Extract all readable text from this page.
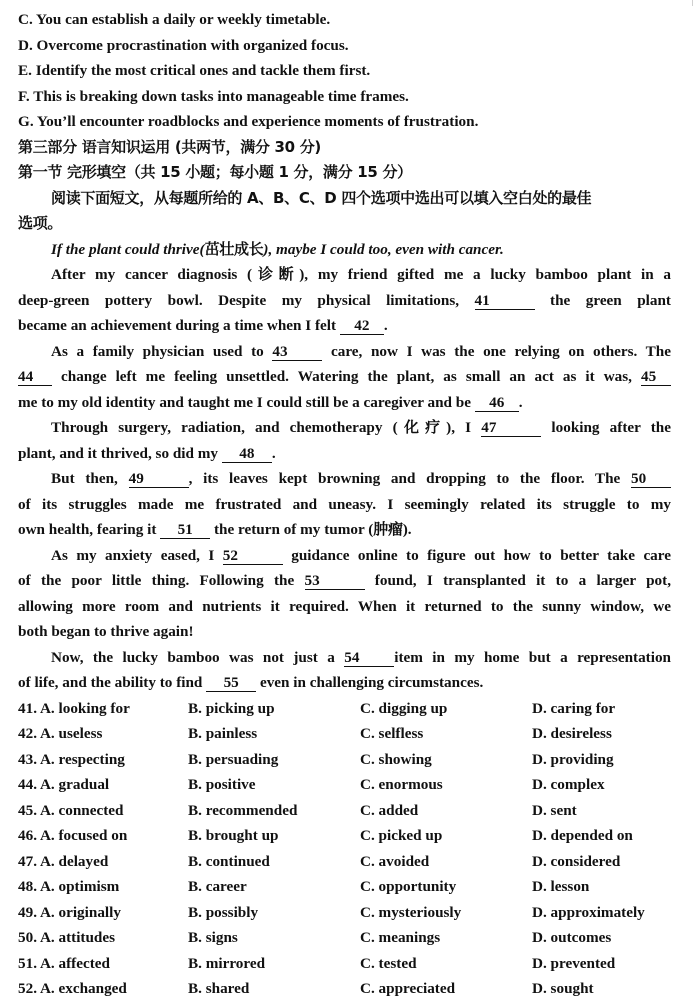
C. You can establish a daily or weekly timetable.
D. Overcome procrastination with organized focus.
E. Identify the most critical ones and tackle them first.
F. This is breaking down tasks into manageable time frames.
G. You’ll encounter roadblocks and experience moments of frustration.
第三部分 语言知识运用 (共两节，满分 30 分)
第一节 完形填空（共 15 小题；每小题 1 分，满分 15 分）
阅读下面短文，从每题所给的 A、B、C、D 四个选项中选出可以填入空白处的最佳
选项。
If the plant could thrive(茁壮成长), maybe I could too, even with cancer.
After my cancer diagnosis (诊断), my friend gifted me a lucky bamboo plant in a
deep-green pottery bowl. Despite my physical limitations, 41	the green plant
became an achievement during a time when I felt 42 .
As a family physician used to 43	care, now I was the one relying on others. The
44 change left me feeling unsettled. Watering the plant, as small an act as it was, 45
me to my old identity and taught me I could still be a caregiver and be 46 .
Through surgery, radiation, and chemotherapy (化疗), I 47	looking after the
plant, and it thrived, so did my 48 .
But then, 49	, its leaves kept browning and dropping to the floor. The 50
of its struggles made me frustrated and uneasy. I seemingly related its struggle to my
own health, fearing it 51 the return of my tumor (肿瘤).
As my anxiety eased, I 52	guidance online to figure out how to better take care
of the poor little thing. Following the 53	found, I transplanted it to a larger pot,
allowing more room and nutrients it required. When it returned to the sunny window, we
both began to thrive again!
Now, the lucky bamboo was not just a 54 item in my home but a representation
of life, and the ability to find 55 even in challenging circumstances.
41. A. looking for	B. picking up	C. digging up	D. caring for
42. A. useless	B. painless	C. selfless	D. desireless
43. A. respecting	B. persuading	C. showing	D. providing
44. A. gradual	B. positive	C. enormous	D. complex
45. A. connected	B. recommended	C. added	D. sent
46. A. focused on	B. brought up	C. picked up	D. depended on
47. A. delayed	B. continued	C. avoided	D. considered
48. A. optimism	B. career	C. opportunity	D. lesson
49. A. originally	B. possibly	C. mysteriously	D. approximately
50. A. attitudes	B. signs	C. meanings	D. outcomes
51. A. affected	B. mirrored	C. tested	D. prevented
52. A. exchanged	B. shared	C. appreciated	D. sought
